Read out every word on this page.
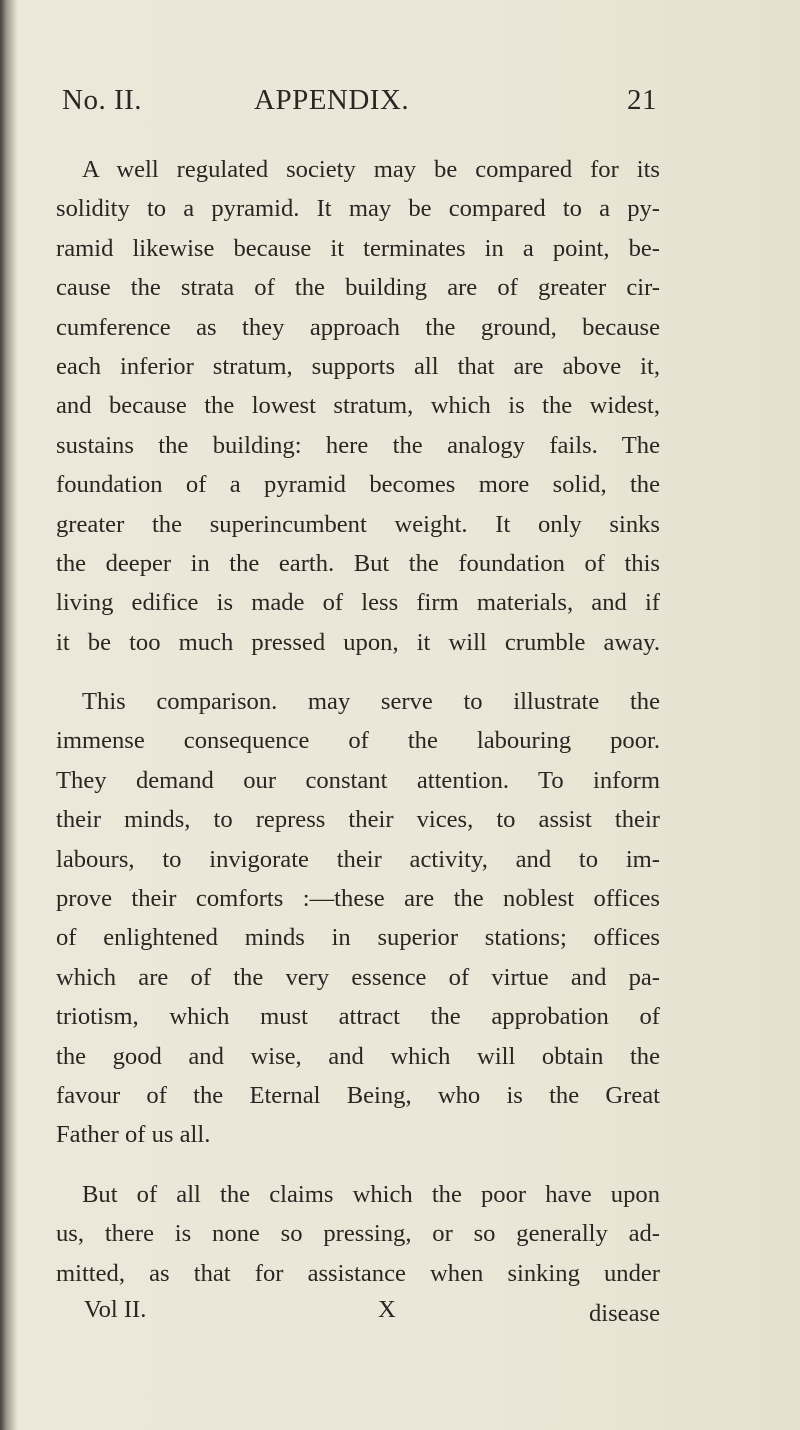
No. II.	APPENDIX.	21
A well regulated society may be compared for its
solidity to a pyramid. It may be compared to a py-
ramid likewise because it terminates in a point, be-
cause the strata of the building are of greater cir-
cumference as they approach the ground, because
each inferior stratum, supports all that are above it,
and because the lowest stratum, which is the widest,
sustains the building: here the analogy fails. The
foundation of a pyramid becomes more solid, the
greater the superincumbent weight. It only sinks
the deeper in the earth. But the foundation of this
living edifice is made of less firm materials, and if
it be too much pressed upon, it will crumble away.
This comparison. may serve to illustrate the
immense consequence of the labouring poor.
They demand our constant attention. To inform
their minds, to repress their vices, to assist their
labours, to invigorate their activity, and to im-
prove their comforts :—these are the noblest offices
of enlightened minds in superior stations; offices
which are of the very essence of virtue and pa-
triotism, which must attract the approbation of
the good and wise, and which will obtain the
favour of the Eternal Being, who is the Great
Father of us all.
But of all the claims which the poor have upon
us, there is none so pressing, or so generally ad-
mitted, as that for assistance when sinking under
Vol II.	X	disease
